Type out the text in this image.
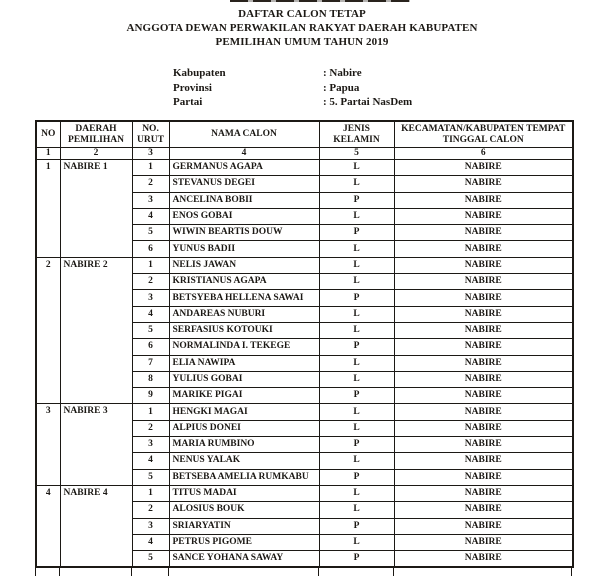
DAFTAR CALON TETAP
ANGGOTA DEWAN PERWAKILAN RAKYAT DAERAH KABUPATEN
PEMILIHAN UMUM TAHUN 2019
Kabupaten	: Nabire
Provinsi	: Papua
Partai	: 5. Partai NasDem
NO	DAERAH PEMILIHAN	NO. URUT	NAMA CALON	JENIS KELAMIN	KECAMATAN/KABUPATEN TEMPAT TINGGAL CALON
1	2	3	4	5	6
1	NABIRE 1	1	GERMANUS AGAPA	L	NABIRE
		2	STEVANUS DEGEI	L	NABIRE
		3	ANCELINA BOBII	P	NABIRE
		4	ENOS GOBAI	L	NABIRE
		5	WIWIN BEARTIS DOUW	P	NABIRE
		6	YUNUS BADII	L	NABIRE
2	NABIRE 2	1	NELIS JAWAN	L	NABIRE
		2	KRISTIANUS AGAPA	L	NABIRE
		3	BETSYEBA HELLENA SAWAI	P	NABIRE
		4	ANDAREAS NUBURI	L	NABIRE
		5	SERFASIUS KOTOUKI	L	NABIRE
		6	NORMALINDA I. TEKEGE	P	NABIRE
		7	ELIA NAWIPA	L	NABIRE
		8	YULIUS GOBAI	L	NABIRE
		9	MARIKE PIGAI	P	NABIRE
3	NABIRE 3	1	HENGKI MAGAI	L	NABIRE
		2	ALPIUS DONEI	L	NABIRE
		3	MARIA RUMBINO	P	NABIRE
		4	NENUS YALAK	L	NABIRE
		5	BETSEBA AMELIA RUMKABU	P	NABIRE
4	NABIRE 4	1	TITUS MADAI	L	NABIRE
		2	ALOSIUS BOUK	L	NABIRE
		3	SRIARYATIN	P	NABIRE
		4	PETRUS PIGOME	L	NABIRE
		5	SANCE YOHANA SAWAY	P	NABIRE
